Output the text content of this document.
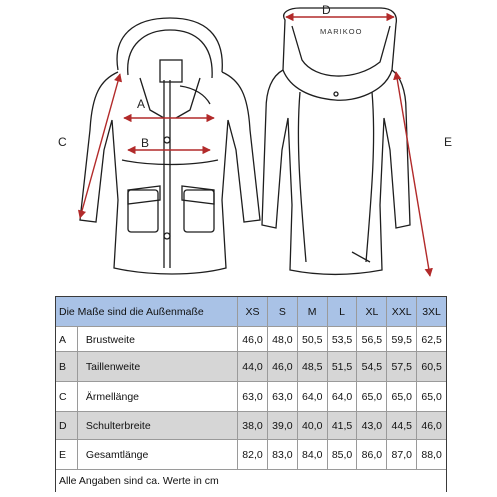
MARIKOO
A
B
C
D
E
Die Maße sind die Außenmaße	XS	S	M	L	XL	XXL	3XL
A	Brustweite	46,0 48,0 50,5 53,5 56,5 59,5 62,5
B	Taillenweite	44,0 46,0 48,5 51,5 54,5 57,5 60,5
C	Ärmellänge	63,0 63,0 64,0 64,0 65,0 65,0 65,0
D	Schulterbreite	38,0 39,0 40,0 41,5 43,0 44,5 46,0
E	Gesamtlänge	82,0 83,0 84,0 85,0 86,0 87,0 88,0
Alle Angaben sind ca. Werte in cm
